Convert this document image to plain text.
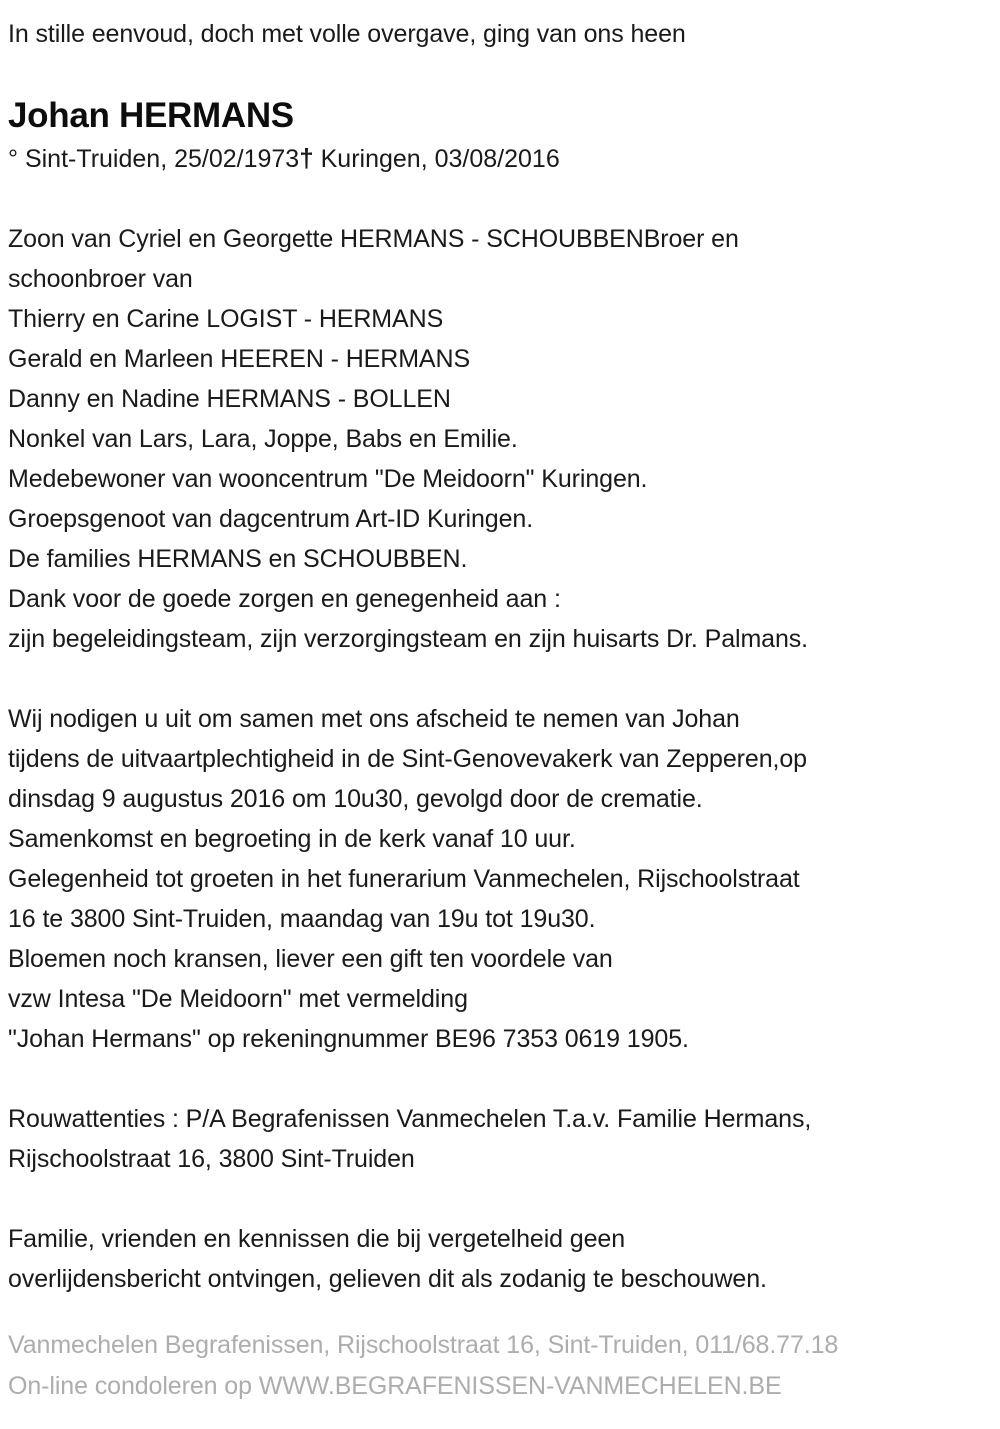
In stille eenvoud, doch met volle overgave, ging van ons heen
Johan HERMANS
° Sint-Truiden, 25/02/1973† Kuringen, 03/08/2016
Zoon van Cyriel en Georgette HERMANS - SCHOUBBENBroer en
schoonbroer van
Thierry en Carine LOGIST - HERMANS
Gerald en Marleen HEEREN - HERMANS
Danny en Nadine HERMANS - BOLLEN
Nonkel van Lars, Lara, Joppe, Babs en Emilie.
Medebewoner van wooncentrum "De Meidoorn" Kuringen.
Groepsgenoot van dagcentrum Art-ID Kuringen.
De families HERMANS en SCHOUBBEN.
Dank voor de goede zorgen en genegenheid aan :
zijn begeleidingsteam, zijn verzorgingsteam en zijn huisarts Dr. Palmans.
Wij nodigen u uit om samen met ons afscheid te nemen van Johan
tijdens de uitvaartplechtigheid in de Sint-Genovevakerk van Zepperen,op
dinsdag 9 augustus 2016 om 10u30, gevolgd door de crematie.
Samenkomst en begroeting in de kerk vanaf 10 uur.
Gelegenheid tot groeten in het funerarium Vanmechelen, Rijschoolstraat
16 te 3800 Sint-Truiden, maandag van 19u tot 19u30.
Bloemen noch kransen, liever een gift ten voordele van
vzw Intesa "De Meidoorn" met vermelding
"Johan Hermans" op rekeningnummer BE96 7353 0619 1905.
Rouwattenties : P/A Begrafenissen Vanmechelen T.a.v. Familie Hermans,
Rijschoolstraat 16, 3800 Sint-Truiden
Familie, vrienden en kennissen die bij vergetelheid geen
overlijdensbericht ontvingen, gelieven dit als zodanig te beschouwen.
Vanmechelen Begrafenissen, Rijschoolstraat 16, Sint-Truiden, 011/68.77.18
On-line condoleren op WWW.BEGRAFENISSEN-VANMECHELEN.BE
